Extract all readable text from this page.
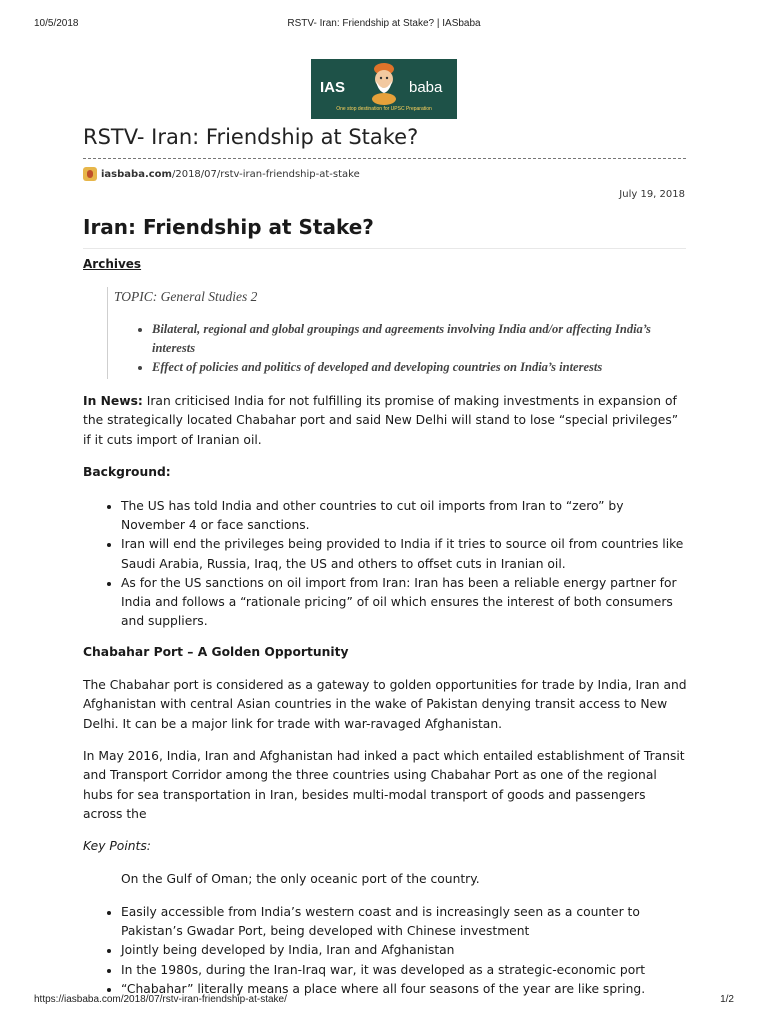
10/5/2018	RSTV- Iran: Friendship at Stake? | IASbaba
IAS	baba
One stop destination for UPSC Preparation
RSTV- Iran: Friendship at Stake?
iasbaba.com /2018/07/rstv-iran-friendship-at-stake
July 19, 2018
Iran: Friendship at Stake?
Archives
TOPIC: General Studies 2
• Bilateral, regional and global groupings and agreements involving India and/or affecting India’s interests
• Effect of policies and politics of developed and developing countries on India’s interests

In News: Iran criticised India for not fulfilling its promise of making investments in expansion of the strategically located Chabahar port and said New Delhi will stand to lose “special privileges” if it cuts import of Iranian oil.

Background:

• The US has told India and other countries to cut oil imports from Iran to “zero” by November 4 or face sanctions.
• Iran will end the privileges being provided to India if it tries to source oil from countries like Saudi Arabia, Russia, Iraq, the US and others to offset cuts in Iranian oil.
• As for the US sanctions on oil import from Iran: Iran has been a reliable energy partner for India and follows a “rationale pricing” of oil which ensures the interest of both consumers and suppliers.

Chabahar Port – A Golden Opportunity

The Chabahar port is considered as a gateway to golden opportunities for trade by India, Iran and Afghanistan with central Asian countries in the wake of Pakistan denying transit access to New Delhi. It can be a major link for trade with war-ravaged Afghanistan.

In May 2016, India, Iran and Afghanistan had inked a pact which entailed establishment of Transit and Transport Corridor among the three countries using Chabahar Port as one of the regional hubs for sea transportation in Iran, besides multi-modal transport of goods and passengers across the

Key Points:

On the Gulf of Oman; the only oceanic port of the country.

• Easily accessible from India’s western coast and is increasingly seen as a counter to Pakistan’s Gwadar Port, being developed with Chinese investment
• Jointly being developed by India, Iran and Afghanistan
• In the 1980s, during the Iran-Iraq war, it was developed as a strategic-economic port
• “Chabahar” literally means a place where all four seasons of the year are like spring.
https://iasbaba.com/2018/07/rstv-iran-friendship-at-stake/	1/2
